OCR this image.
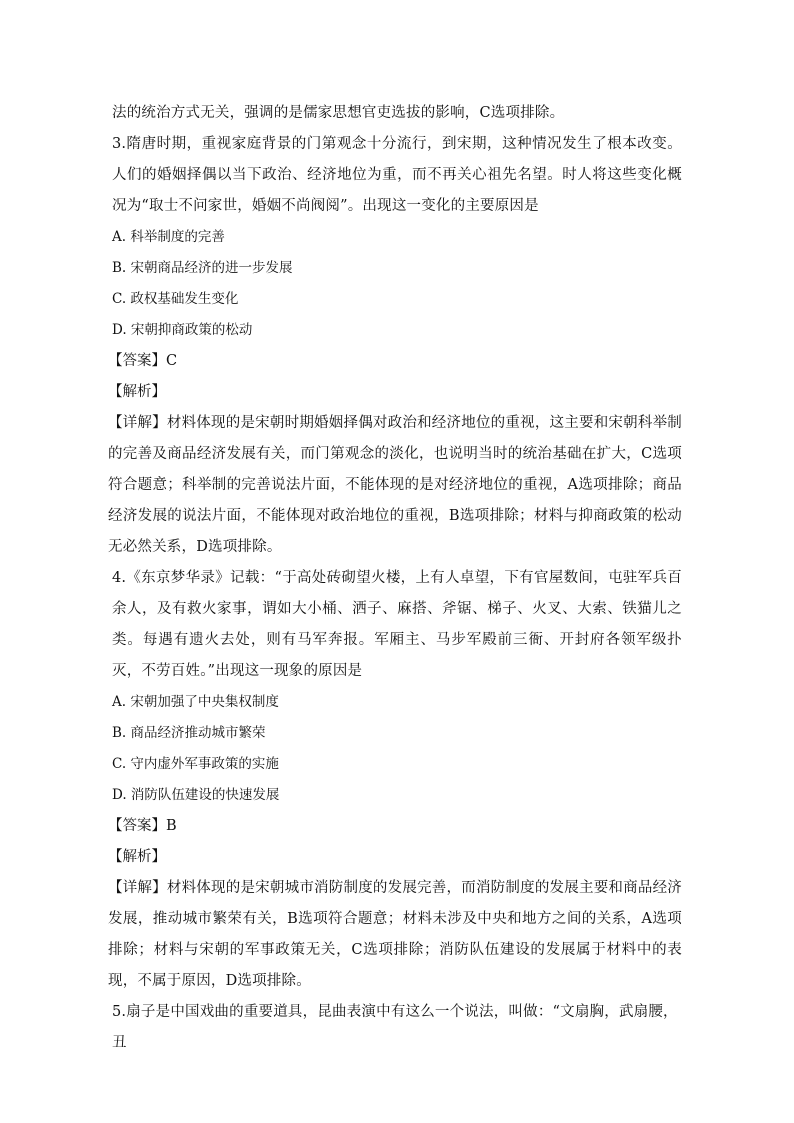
法的统治方式无关，强调的是儒家思想官吏选拔的影响，C选项排除。

3.隋唐时期，重视家庭背景的门第观念十分流行，到宋期，这种情况发生了根本改变。人们的婚姻择偶以当下政治、经济地位为重，而不再关心祖先名望。时人将这些变化概况为“取士不问家世，婚姻不尚阀阅”。出现这一变化的主要原因是

A. 科举制度的完善

B. 宋朝商品经济的进一步发展

C. 政权基础发生变化

D. 宋朝抑商政策的松动

【答案】C

【解析】

【详解】材料体现的是宋朝时期婚姻择偶对政治和经济地位的重视，这主要和宋朝科举制的完善及商品经济发展有关，而门第观念的淡化，也说明当时的统治基础在扩大，C选项符合题意；科举制的完善说法片面，不能体现的是对经济地位的重视，A选项排除；商品经济发展的说法片面，不能体现对政治地位的重视，B选项排除；材料与抑商政策的松动无必然关系，D选项排除。

4.《东京梦华录》记载：“于高处砖砌望火楼，上有人卓望，下有官屋数间，屯驻军兵百余人，及有救火家事，谓如大小桶、洒子、麻搭、斧锯、梯子、火叉、大索、铁猫儿之类。每遇有遗火去处，则有马军奔报。军厢主、马步军殿前三衙、开封府各领军级扑灭，不劳百姓。”出现这一现象的原因是

A. 宋朝加强了中央集权制度

B. 商品经济推动城市繁荣

C. 守内虚外军事政策的实施

D. 消防队伍建设的快速发展

【答案】B

【解析】

【详解】材料体现的是宋朝城市消防制度的发展完善，而消防制度的发展主要和商品经济发展，推动城市繁荣有关，B选项符合题意；材料未涉及中央和地方之间的关系，A选项排除；材料与宋朝的军事政策无关，C选项排除；消防队伍建设的发展属于材料中的表现，不属于原因，D选项排除。

5.扇子是中国戏曲的重要道具，昆曲表演中有这么一个说法，叫做：“文扇胸，武扇腰，丑
